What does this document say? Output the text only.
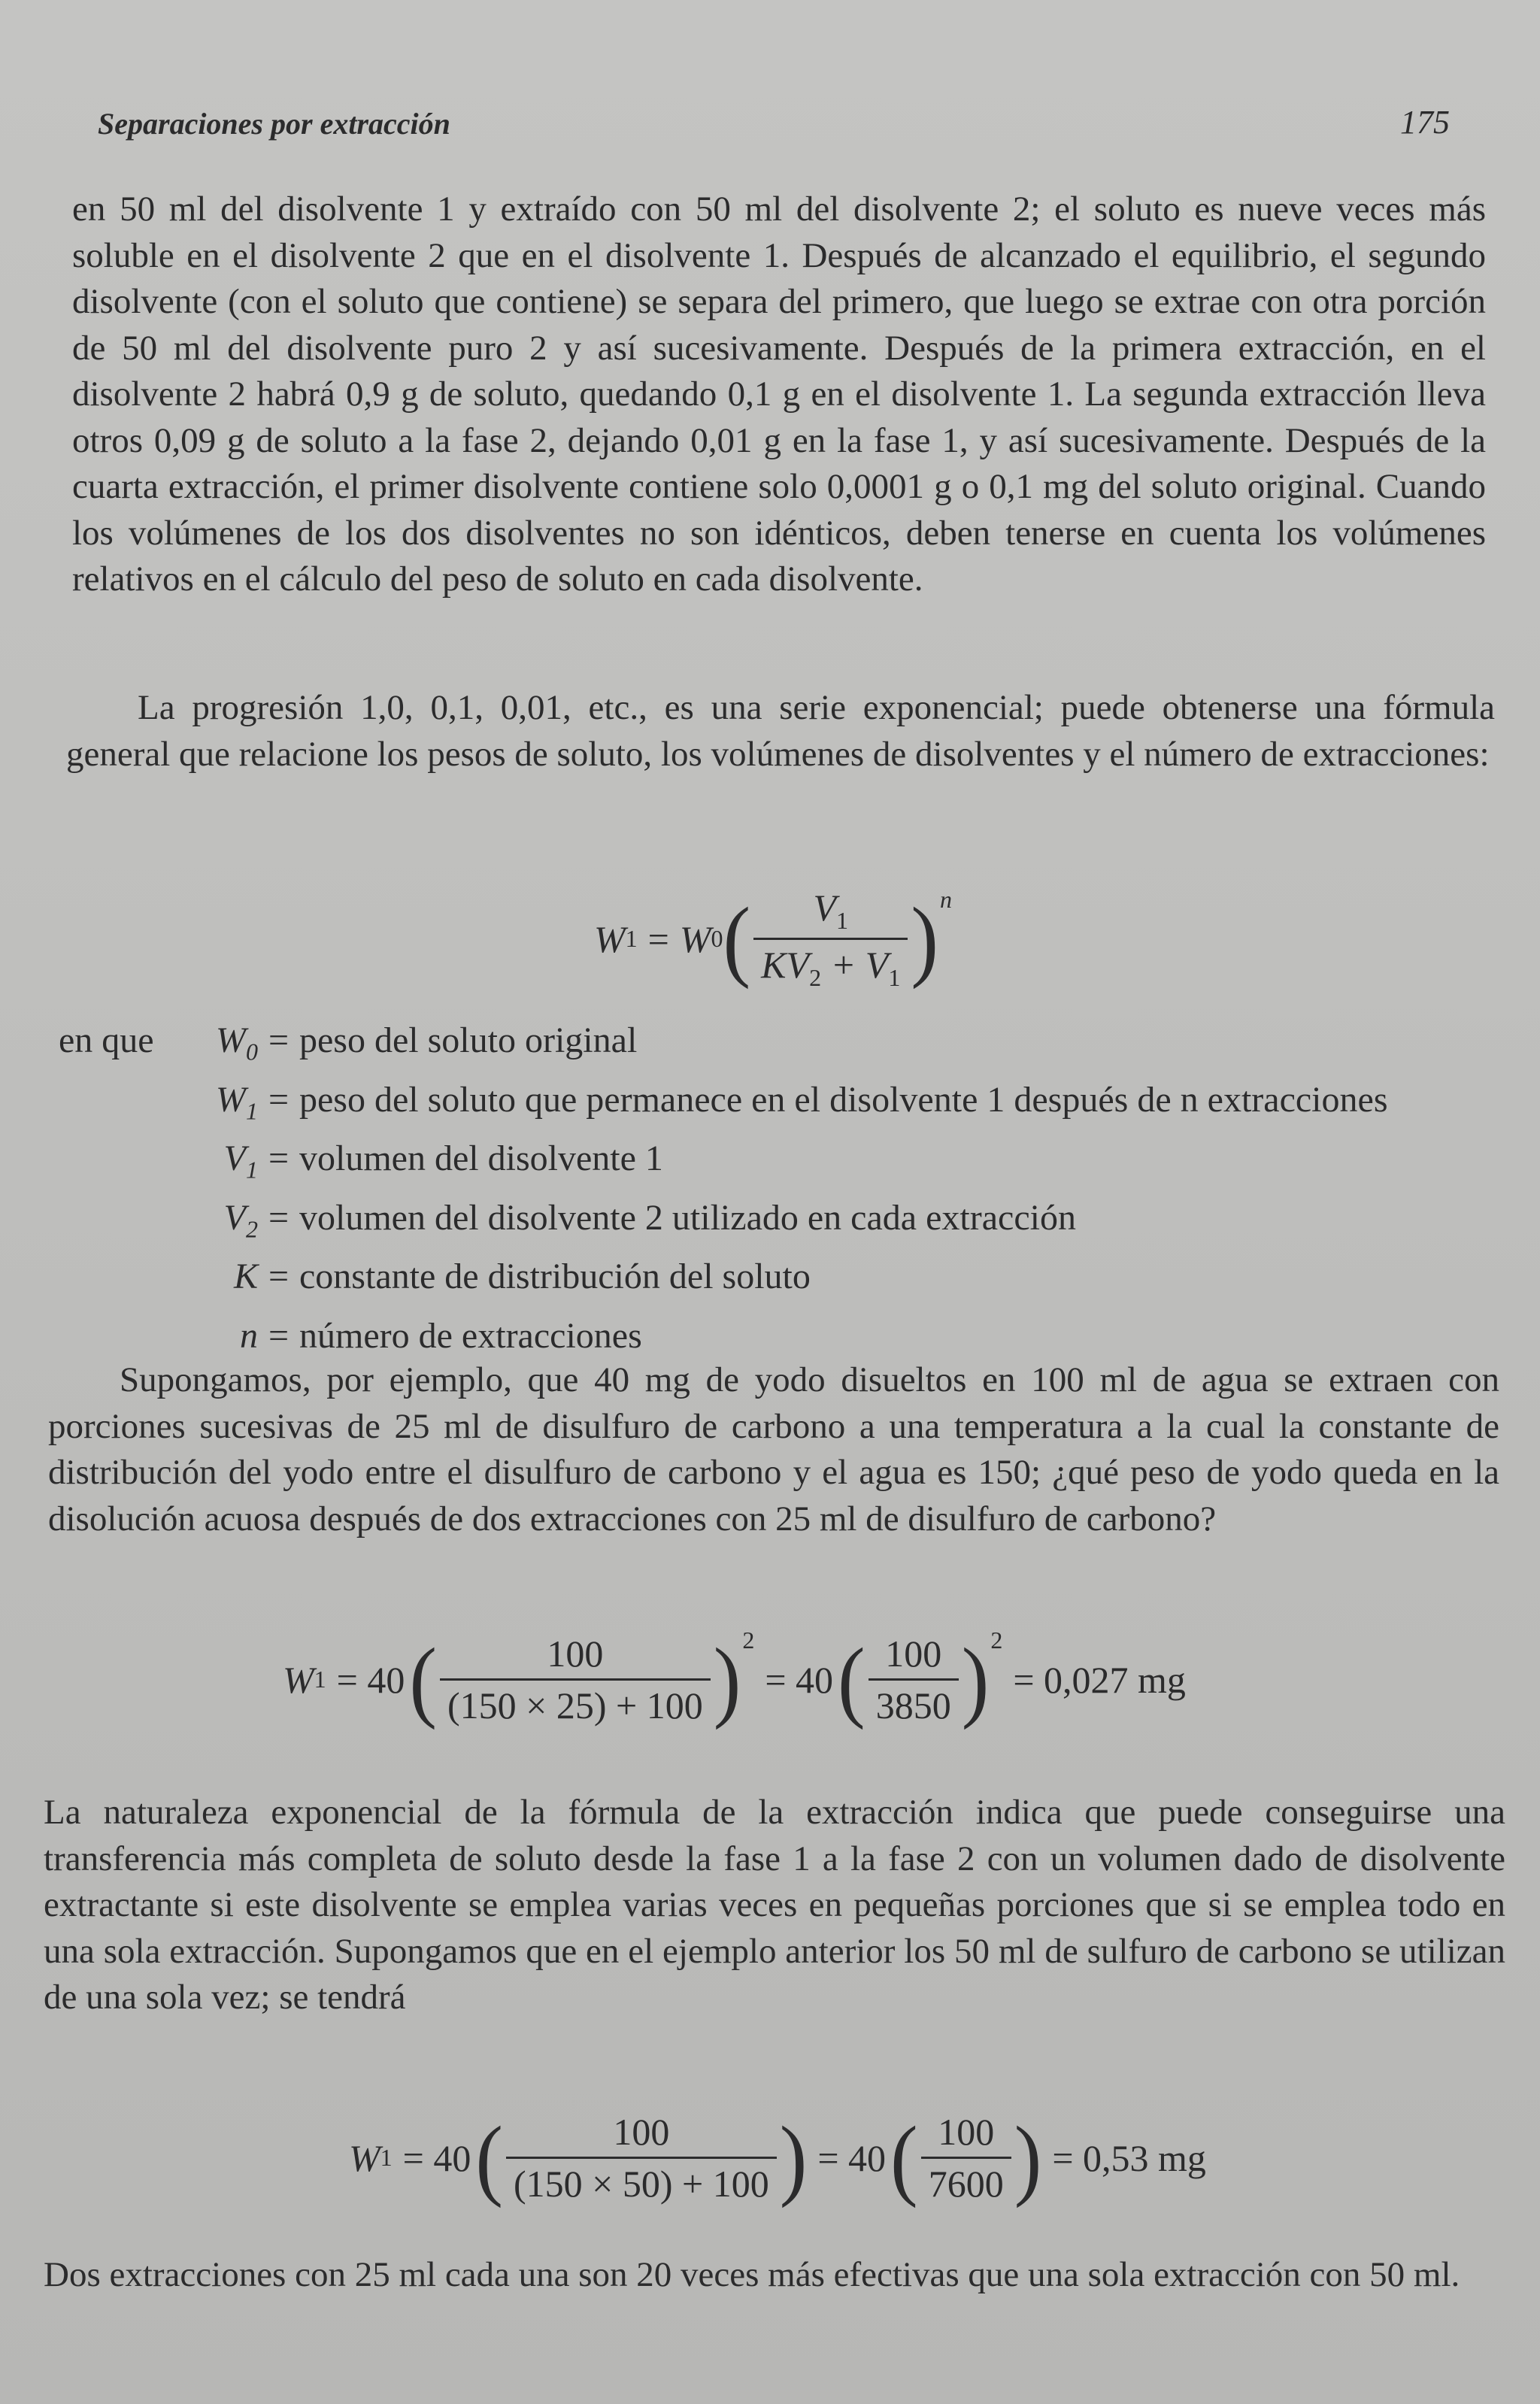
Separaciones por extracción	175

en 50 ml del disolvente 1 y extraído con 50 ml del disolvente 2; el soluto es nueve veces más soluble en el disolvente 2 que en el disolvente 1. Después de alcanzado el equilibrio, el segundo disolvente (con el soluto que contiene) se separa del primero, que luego se extrae con otra porción de 50 ml del disolvente puro 2 y así sucesivamente. Después de la primera extracción, en el disolvente 2 habrá 0,9 g de soluto, quedando 0,1 g en el disolvente 1. La segunda extracción lleva otros 0,09 g de soluto a la fase 2, dejando 0,01 g en la fase 1, y así sucesivamente. Después de la cuarta extracción, el primer disolvente contiene solo 0,0001 g o 0,1 mg del soluto original. Cuando los volúmenes de los dos disolventes no son idénticos, deben tenerse en cuenta los volúmenes relativos en el cálculo del peso de soluto en cada disolvente.

La progresión 1,0, 0,1, 0,01, etc., es una serie exponencial; puede obtenerse una fórmula general que relacione los pesos de soluto, los volúmenes de disolventes y el número de extracciones:

W 1 = W 0 ( $\frac{V_1}{KV_2 + V_1}$ ) n
en que	$W_0$ = peso del soluto original
$W_1$ = peso del soluto que permanece en el disolvente 1 después de n extracciones
$V_1$ = volumen del disolvente 1
$V_2$ = volumen del disolvente 2 utilizado en cada extracción
K = constante de distribución del soluto
n = número de extracciones

Supongamos, por ejemplo, que 40 mg de yodo disueltos en 100 ml de agua se extraen con porciones sucesivas de 25 ml de disulfuro de carbono a una temperatura a la cual la constante de distribución del yodo entre el disulfuro de carbono y el agua es 150; ¿qué peso de yodo queda en la disolución acuosa después de dos extracciones con 25 ml de disulfuro de carbono?

W 1 = 40 ( $\frac{100}{(150 \times 25) + 100}$ ) 2
= 40 ( $\frac{100}{3850}$ ) 2
= 0,027 mg

La naturaleza exponencial de la fórmula de la extracción indica que puede conseguirse una transferencia más completa de soluto desde la fase 1 a la fase 2 con un volumen dado de disolvente extractante si este disolvente se emplea varias veces en pequeñas porciones que si se emplea todo en una sola extracción. Supongamos que en el ejemplo anterior los 50 ml de sulfuro de carbono se utilizan de una sola vez; se tendrá

W 1 = 40 ( $\frac{100}{(150 \times 50) + 100}$ ) = 40 ( $\frac{100}{7600}$ ) = 0,53 mg

Dos extracciones con 25 ml cada una son 20 veces más efectivas que una sola extracción con 50 ml.
